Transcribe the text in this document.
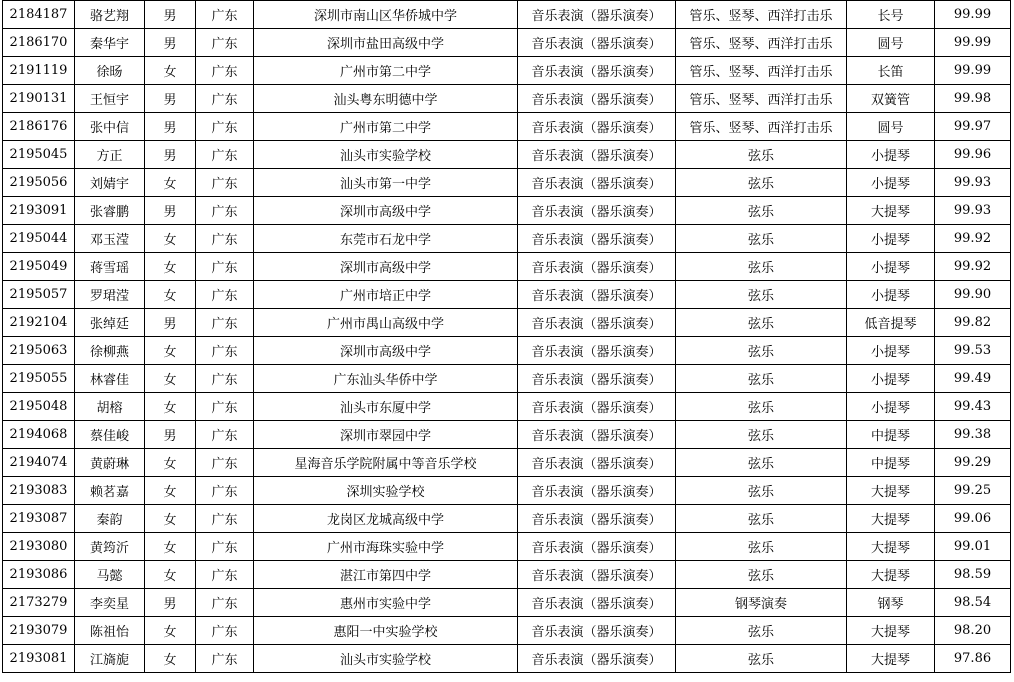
2184187	骆艺翔	男	广东	深圳市南山区华侨城中学	音乐表演（器乐演奏）	管乐、竖琴、西洋打击乐	长号	99.99
2186170	秦华宇	男	广东	深圳市盐田高级中学	音乐表演（器乐演奏）	管乐、竖琴、西洋打击乐	圆号	99.99
2191119	徐旸	女	广东	广州市第二中学	音乐表演（器乐演奏）	管乐、竖琴、西洋打击乐	长笛	99.99
2190131	王恒宇	男	广东	汕头粤东明德中学	音乐表演（器乐演奏）	管乐、竖琴、西洋打击乐	双簧管	99.98
2186176	张中信	男	广东	广州市第二中学	音乐表演（器乐演奏）	管乐、竖琴、西洋打击乐	圆号	99.97
2195045	方正	男	广东	汕头市实验学校	音乐表演（器乐演奏）	弦乐	小提琴	99.96
2195056	刘婧宇	女	广东	汕头市第一中学	音乐表演（器乐演奏）	弦乐	小提琴	99.93
2193091	张睿鹏	男	广东	深圳市高级中学	音乐表演（器乐演奏）	弦乐	大提琴	99.93
2195044	邓玉滢	女	广东	东莞市石龙中学	音乐表演（器乐演奏）	弦乐	小提琴	99.92
2195049	蒋雪瑶	女	广东	深圳市高级中学	音乐表演（器乐演奏）	弦乐	小提琴	99.92
2195057	罗珺滢	女	广东	广州市培正中学	音乐表演（器乐演奏）	弦乐	小提琴	99.90
2192104	张绰廷	男	广东	广州市禺山高级中学	音乐表演（器乐演奏）	弦乐	低音提琴	99.82
2195063	徐柳燕	女	广东	深圳市高级中学	音乐表演（器乐演奏）	弦乐	小提琴	99.53
2195055	林睿佳	女	广东	广东汕头华侨中学	音乐表演（器乐演奏）	弦乐	小提琴	99.49
2195048	胡榕	女	广东	汕头市东厦中学	音乐表演（器乐演奏）	弦乐	小提琴	99.43
2194068	蔡佳峻	男	广东	深圳市翠园中学	音乐表演（器乐演奏）	弦乐	中提琴	99.38
2194074	黄蔚琳	女	广东	星海音乐学院附属中等音乐学校	音乐表演（器乐演奏）	弦乐	中提琴	99.29
2193083	赖茗嘉	女	广东	深圳实验学校	音乐表演（器乐演奏）	弦乐	大提琴	99.25
2193087	秦韵	女	广东	龙岗区龙城高级中学	音乐表演（器乐演奏）	弦乐	大提琴	99.06
2193080	黄筠沂	女	广东	广州市海珠实验中学	音乐表演（器乐演奏）	弦乐	大提琴	99.01
2193086	马懿	女	广东	湛江市第四中学	音乐表演（器乐演奏）	弦乐	大提琴	98.59
2173279	李奕星	男	广东	惠州市实验中学	音乐表演（器乐演奏）	钢琴演奏	钢琴	98.54
2193079	陈祖怡	女	广东	惠阳一中实验学校	音乐表演（器乐演奏）	弦乐	大提琴	98.20
2193081	江旖旎	女	广东	汕头市实验学校	音乐表演（器乐演奏）	弦乐	大提琴	97.86
